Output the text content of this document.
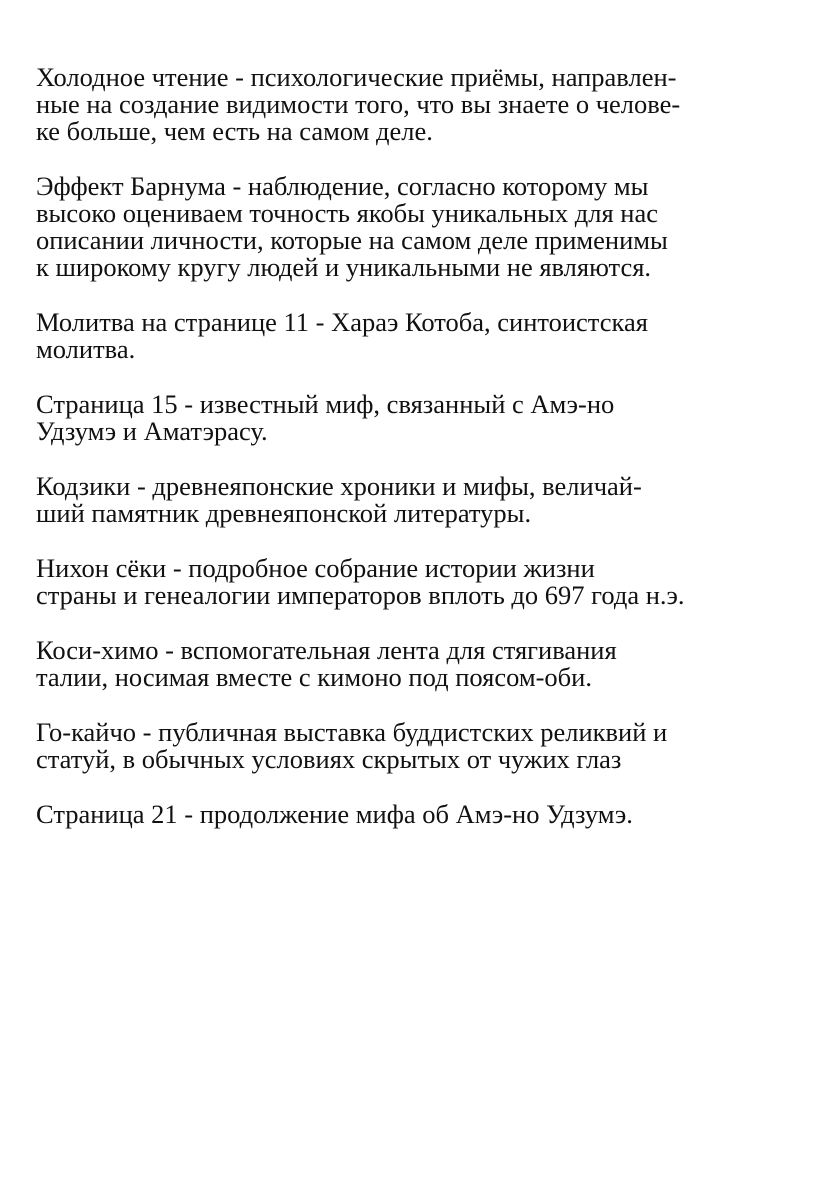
Холодное чтение - психологические приёмы, направлен-
ные на создание видимости того, что вы знаете о челове-
ке больше, чем есть на самом деле.

Эффект Барнума - наблюдение, согласно которому мы
высоко оцениваем точность якобы уникальных для нас
описании личности, которые на самом деле применимы
к широкому кругу людей и уникальными не являются.

Молитва на странице 11 - Хараэ Котоба, синтоистская
молитва.

Страница 15 - известный миф, связанный с Амэ-но
Удзумэ и Аматэрасу.

Кодзики - древнеяпонские хроники и мифы, величай-
ший памятник древнеяпонской литературы.

Нихон сёки - подробное собрание истории жизни
страны и генеалогии императоров вплоть до 697 года н.э.

Коси-химо - вспомогательная лента для стягивания
талии, носимая вместе с кимоно под поясом-оби.

Го-кайчо - публичная выставка буддистских реликвий и
статуй, в обычных условиях скрытых от чужих глаз

Страница 21 - продолжение мифа об Амэ-но Удзумэ.
